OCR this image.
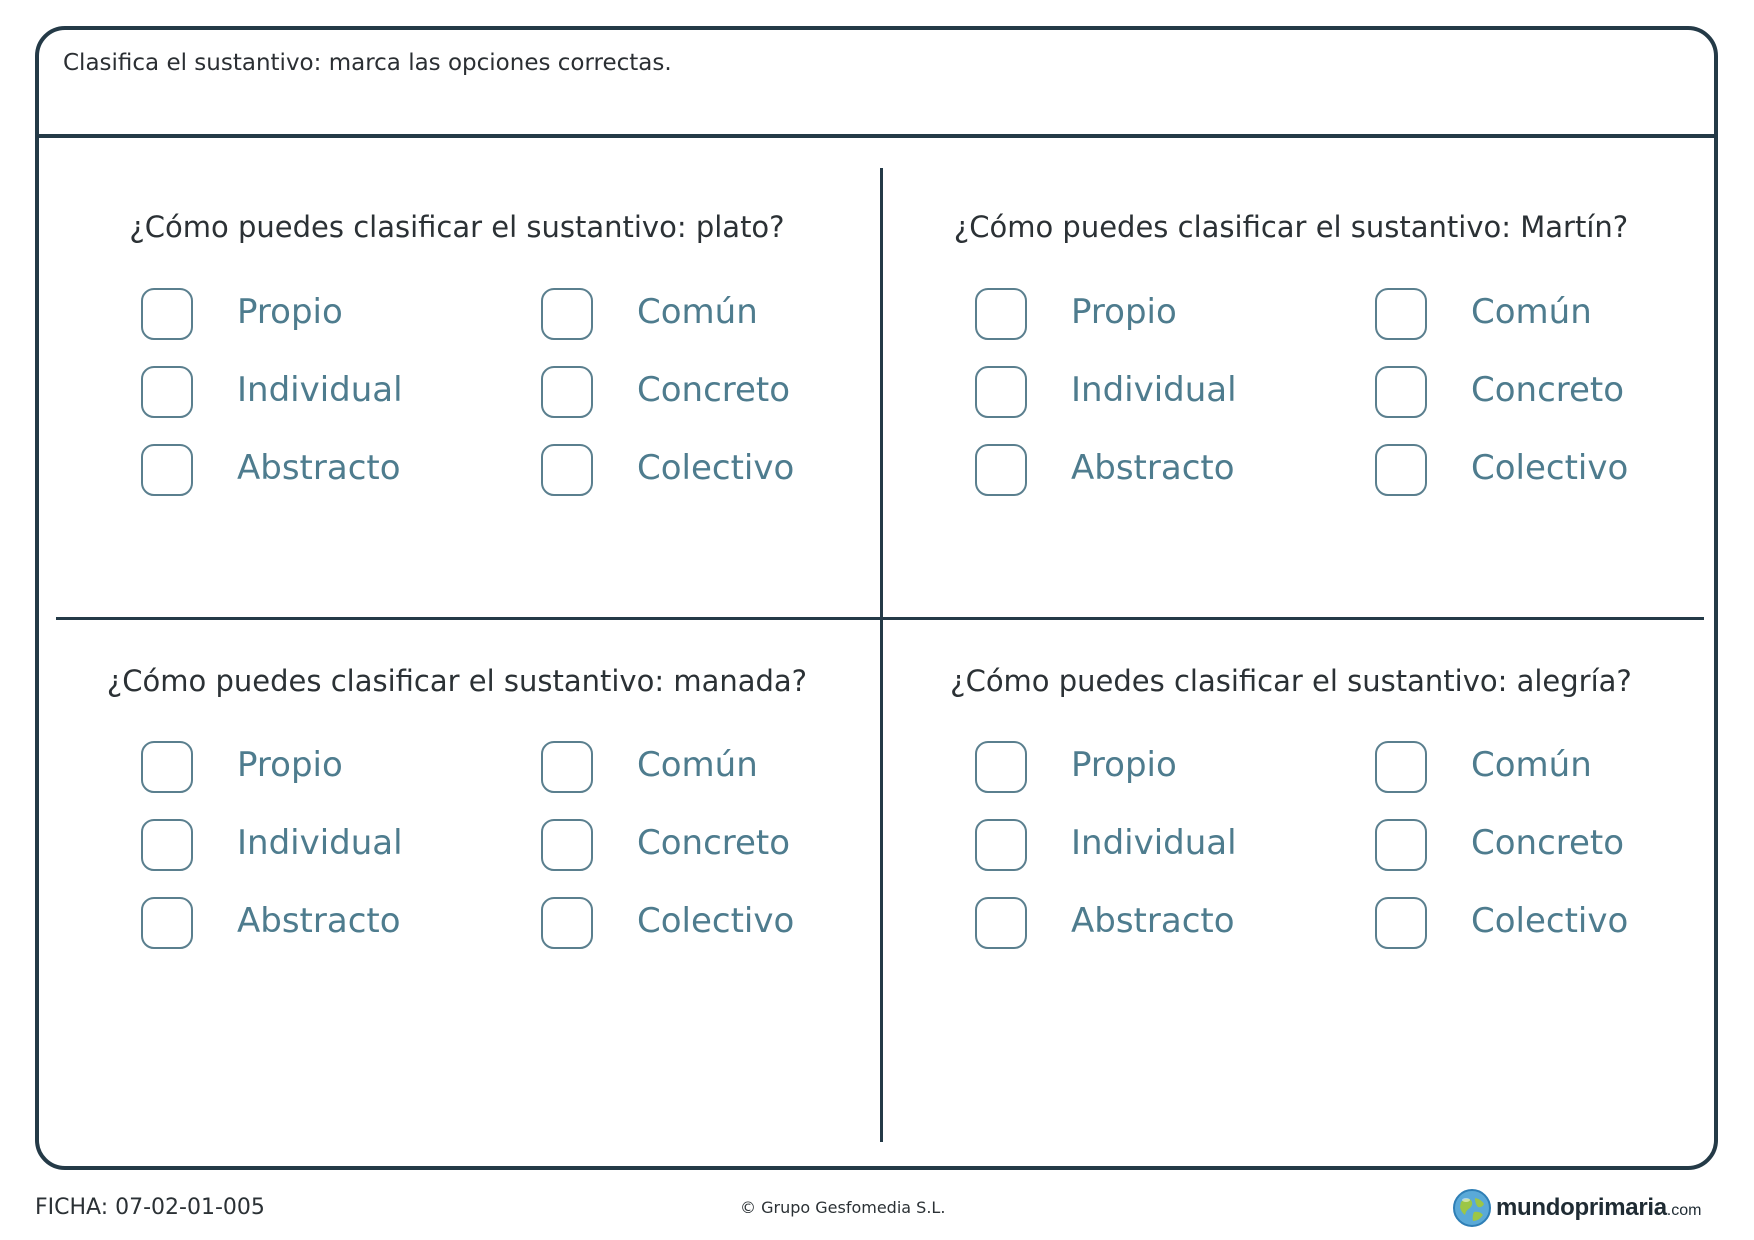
Clasifica el sustantivo: marca las opciones correctas.
¿Cómo puedes clasificar el sustantivo: plato?
Propio	Común
Individual	Concreto
Abstracto	Colectivo
¿Cómo puedes clasificar el sustantivo: Martín?
Propio	Común
Individual	Concreto
Abstracto	Colectivo
¿Cómo puedes clasificar el sustantivo: manada?
Propio	Común
Individual	Concreto
Abstracto	Colectivo
¿Cómo puedes clasificar el sustantivo: alegría?
Propio	Común
Individual	Concreto
Abstracto	Colectivo
FICHA: 07-02-01-005	© Grupo Gesfomedia S.L.	mundoprimaria .com
